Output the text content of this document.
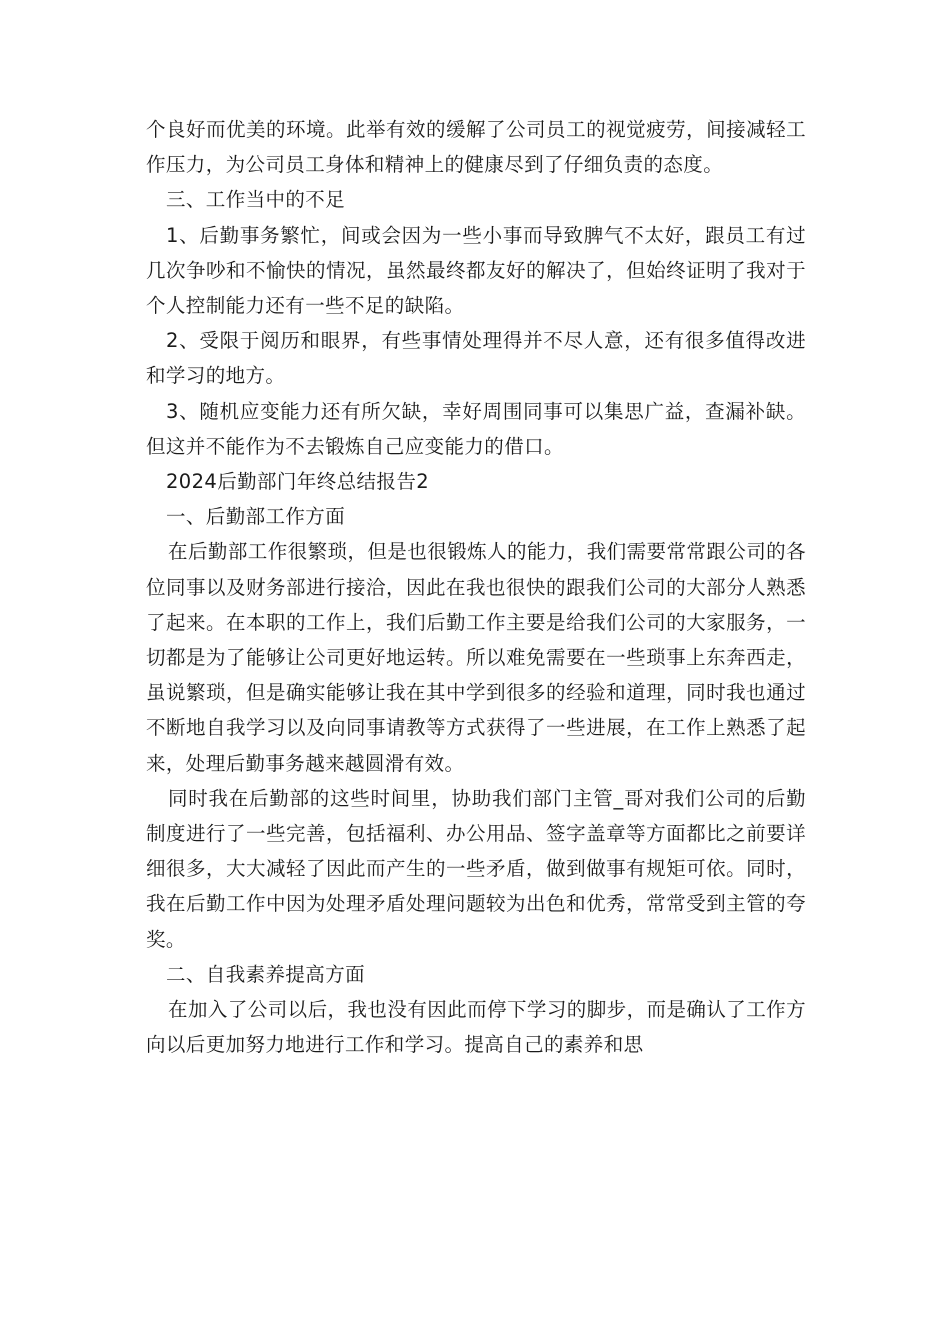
个良好而优美的环境。此举有效的缓解了公司员工的视觉疲劳，间接减轻工作压力，为公司员工身体和精神上的健康尽到了仔细负责的态度。

三、工作当中的不足

1、后勤事务繁忙，间或会因为一些小事而导致脾气不太好，跟员工有过几次争吵和不愉快的情况，虽然最终都友好的解决了，但始终证明了我对于个人控制能力还有一些不足的缺陷。

2、受限于阅历和眼界，有些事情处理得并不尽人意，还有很多值得改进和学习的地方。

3、随机应变能力还有所欠缺，幸好周围同事可以集思广益，查漏补缺。但这并不能作为不去锻炼自己应变能力的借口。

2024后勤部门年终总结报告2

一、后勤部工作方面

在后勤部工作很繁琐，但是也很锻炼人的能力，我们需要常常跟公司的各位同事以及财务部进行接洽，因此在我也很快的跟我们公司的大部分人熟悉了起来。在本职的工作上，我们后勤工作主要是给我们公司的大家服务，一切都是为了能够让公司更好地运转。所以难免需要在一些琐事上东奔西走，虽说繁琐，但是确实能够让我在其中学到很多的经验和道理，同时我也通过不断地自我学习以及向同事请教等方式获得了一些进展，在工作上熟悉了起来，处理后勤事务越来越圆滑有效。

同时我在后勤部的这些时间里，协助我们部门主管_哥对我们公司的后勤制度进行了一些完善，包括福利、办公用品、签字盖章等方面都比之前要详细很多，大大减轻了因此而产生的一些矛盾，做到做事有规矩可依。同时，我在后勤工作中因为处理矛盾处理问题较为出色和优秀，常常受到主管的夸奖。

二、自我素养提高方面

在加入了公司以后，我也没有因此而停下学习的脚步，而是确认了工作方向以后更加努力地进行工作和学习。提高自己的素养和思
